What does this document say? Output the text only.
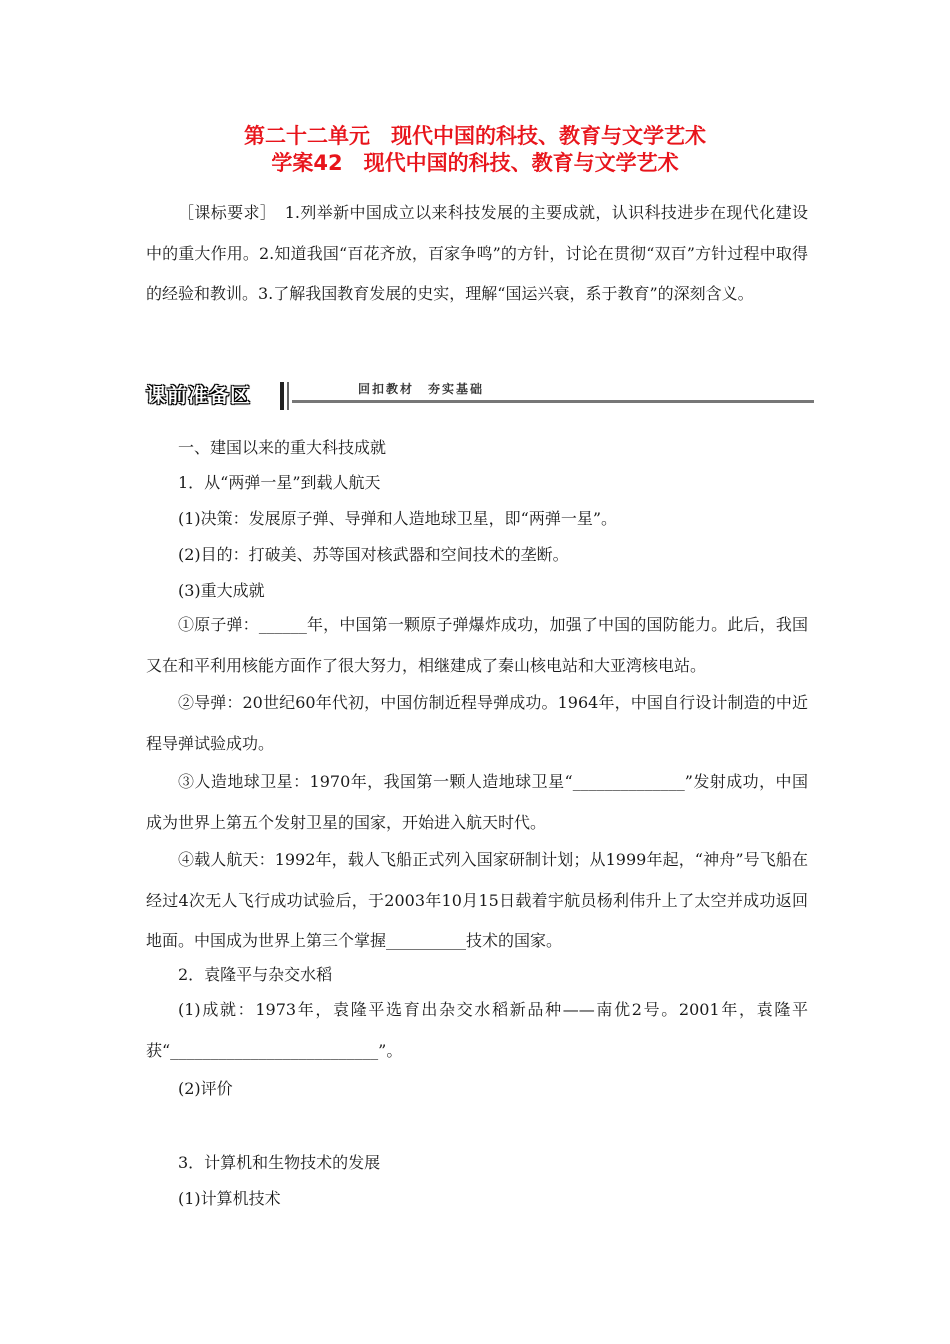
第二十二单元　现代中国的科技、教育与文学艺术
学案42　现代中国的科技、教育与文学艺术

［课标要求］　1.列举新中国成立以来科技发展的主要成就，认识科技进步在现代化建设中的重大作用。2.知道我国“百花齐放，百家争鸣”的方针，讨论在贯彻“双百”方针过程中取得的经验和教训。3.了解我国教育发展的史实，理解“国运兴衰，系于教育”的深刻含义。

课前准备区	回扣教材　夯实基础
一、建国以来的重大科技成就
1．从“两弹一星”到载人航天
(1)决策：发展原子弹、导弹和人造地球卫星，即“两弹一星”。
(2)目的：打破美、苏等国对核武器和空间技术的垄断。
(3)重大成就

①原子弹：______年，中国第一颗原子弹爆炸成功，加强了中国的国防能力。此后，我国又在和平利用核能方面作了很大努力，相继建成了秦山核电站和大亚湾核电站。

②导弹：20世纪60年代初，中国仿制近程导弹成功。1964年，中国自行设计制造的中近程导弹试验成功。

③人造地球卫星：1970年，我国第一颗人造地球卫星“______________”发射成功，中国成为世界上第五个发射卫星的国家，开始进入航天时代。

④载人航天：1992年，载人飞船正式列入国家研制计划；从1999年起，“神舟”号飞船在经过4次无人飞行成功试验后，于2003年10月15日载着宇航员杨利伟升上了太空并成功返回地面。中国成为世界上第三个掌握__________技术的国家。

2．袁隆平与杂交水稻

(1)成就：1973年，袁隆平选育出杂交水稻新品种——南优2号。2001年，袁隆平获“__________________________”。

(2)评价
3．计算机和生物技术的发展
(1)计算机技术
